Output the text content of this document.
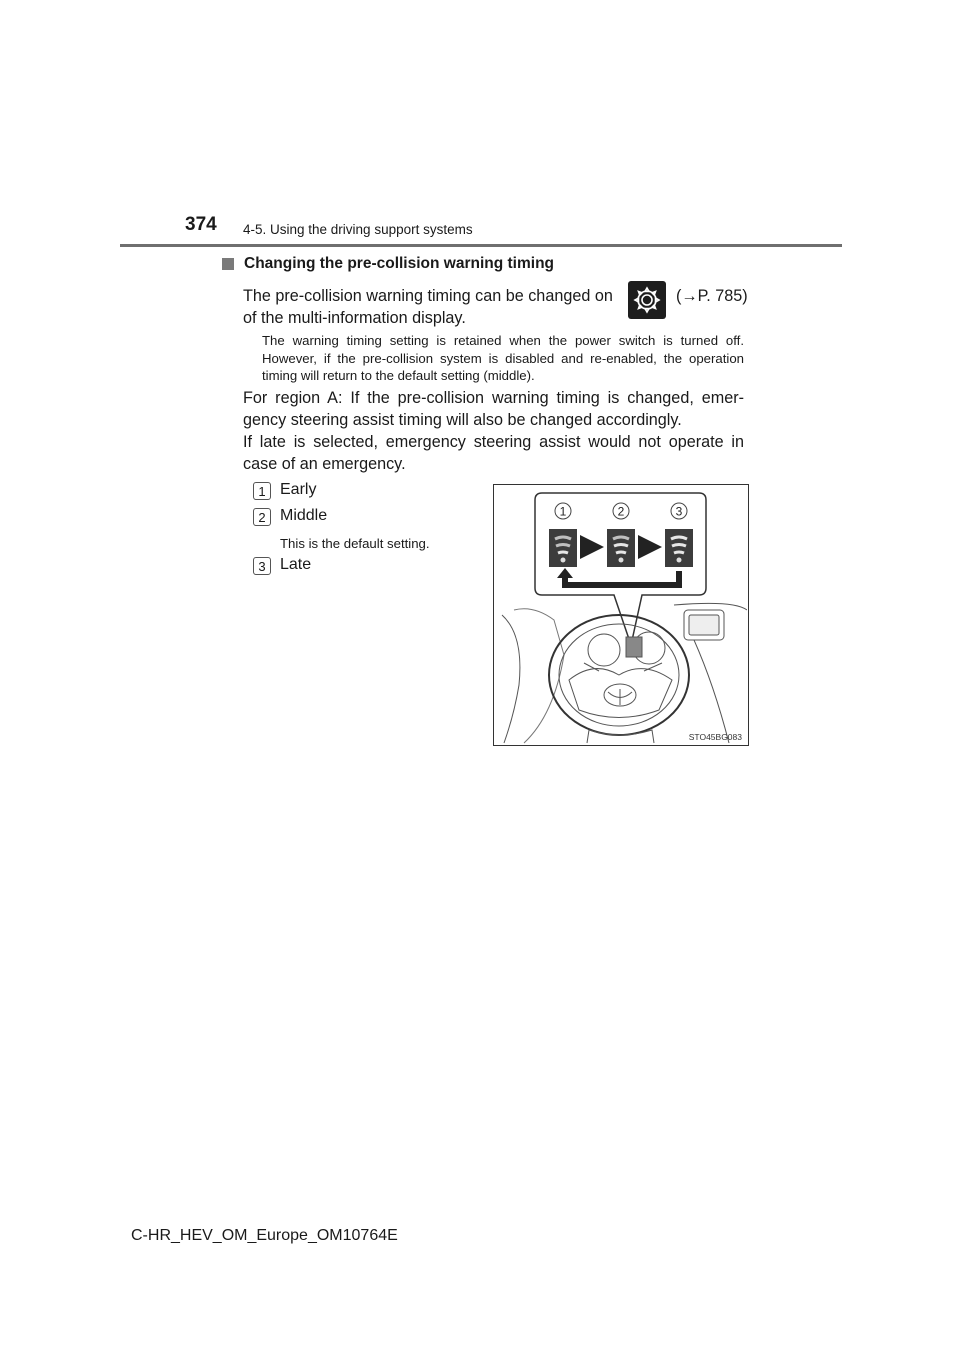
374 4-5. Using the driving support systems
Changing the pre-collision warning timing
The pre-collision warning timing can be changed on	(→P. 785)
of the multi-information display.
The warning timing setting is retained when the power switch is turned off. However, if the pre-collision system is disabled and re-enabled, the operation timing will return to the default setting (middle).
For region A: If the pre-collision warning timing is changed, emer-gency steering assist timing will also be changed accordingly.
If late is selected, emergency steering assist would not operate in case of an emergency.
1 Early
2 Middle
This is the default setting.
3 Late
1	2	3
STO45BG083
C-HR_HEV_OM_Europe_OM10764E
